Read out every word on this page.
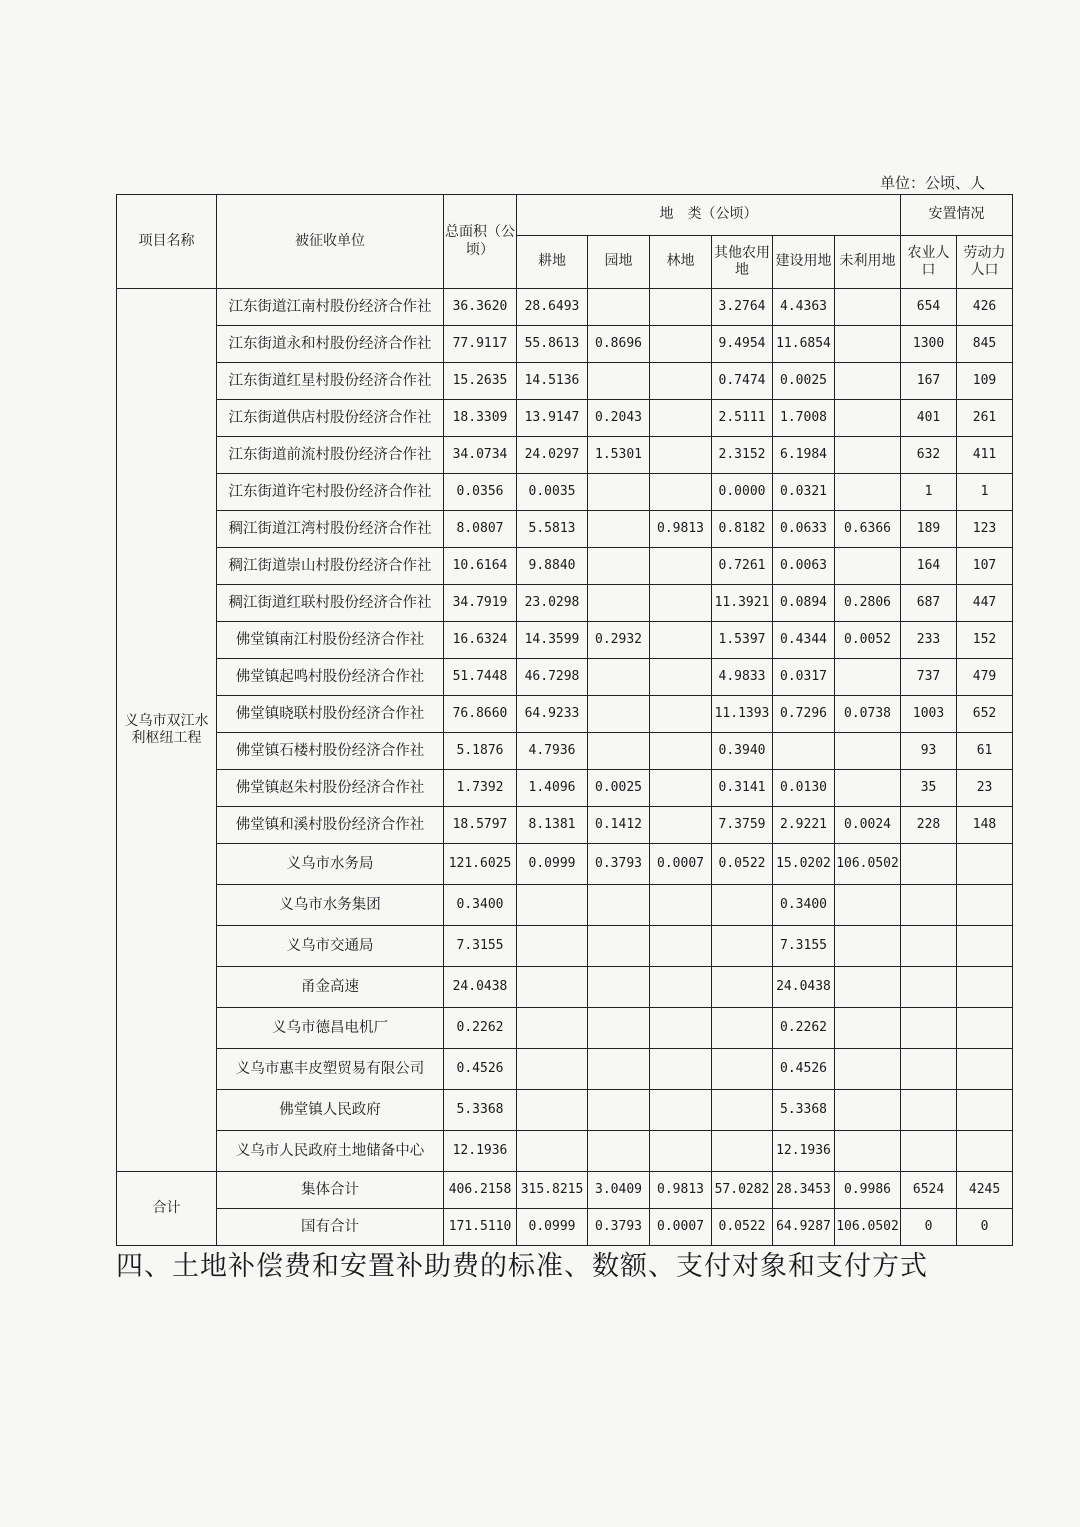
单位：公顷、人
项目名称	被征收单位	总面积（公顷）	地　类（公顷）						安置情况	
			耕地	园地	林地	其他农用地	建设用地	未利用地	农业人口	劳动力人口
义乌市双江水利枢纽工程	江东街道江南村股份经济合作社	36.3620	28.6493			3.2764	4.4363		654	426
	江东街道永和村股份经济合作社	77.9117	55.8613	0.8696		9.4954	11.6854		1300	845
	江东街道红星村股份经济合作社	15.2635	14.5136			0.7474	0.0025		167	109
	江东街道供店村股份经济合作社	18.3309	13.9147	0.2043		2.5111	1.7008		401	261
	江东街道前流村股份经济合作社	34.0734	24.0297	1.5301		2.3152	6.1984		632	411
	江东街道许宅村股份经济合作社	0.0356	0.0035			0.0000	0.0321		1	1
	稠江街道江湾村股份经济合作社	8.0807	5.5813		0.9813	0.8182	0.0633	0.6366	189	123
	稠江街道崇山村股份经济合作社	10.6164	9.8840			0.7261	0.0063		164	107
	稠江街道红联村股份经济合作社	34.7919	23.0298			11.3921	0.0894	0.2806	687	447
	佛堂镇南江村股份经济合作社	16.6324	14.3599	0.2932		1.5397	0.4344	0.0052	233	152
	佛堂镇起鸣村股份经济合作社	51.7448	46.7298			4.9833	0.0317		737	479
	佛堂镇晓联村股份经济合作社	76.8660	64.9233			11.1393	0.7296	0.0738	1003	652
	佛堂镇石楼村股份经济合作社	5.1876	4.7936			0.3940			93	61
	佛堂镇赵朱村股份经济合作社	1.7392	1.4096	0.0025		0.3141	0.0130		35	23
	佛堂镇和溪村股份经济合作社	18.5797	8.1381	0.1412		7.3759	2.9221	0.0024	228	148
	义乌市水务局	121.6025	0.0999	0.3793	0.0007	0.0522	15.0202	106.0502		
	义乌市水务集团	0.3400					0.3400			
	义乌市交通局	7.3155					7.3155			
	甬金高速	24.0438					24.0438			
	义乌市德昌电机厂	0.2262					0.2262			
	义乌市惠丰皮塑贸易有限公司	0.4526					0.4526			
	佛堂镇人民政府	5.3368					5.3368			
	义乌市人民政府土地储备中心	12.1936					12.1936			
合计	集体合计	406.2158	315.8215	3.0409	0.9813	57.0282	28.3453	0.9986	6524	4245
	国有合计	171.5110	0.0999	0.3793	0.0007	0.0522	64.9287	106.0502	0	0
四、土地补偿费和安置补助费的标准、数额、支付对象和支付方式
